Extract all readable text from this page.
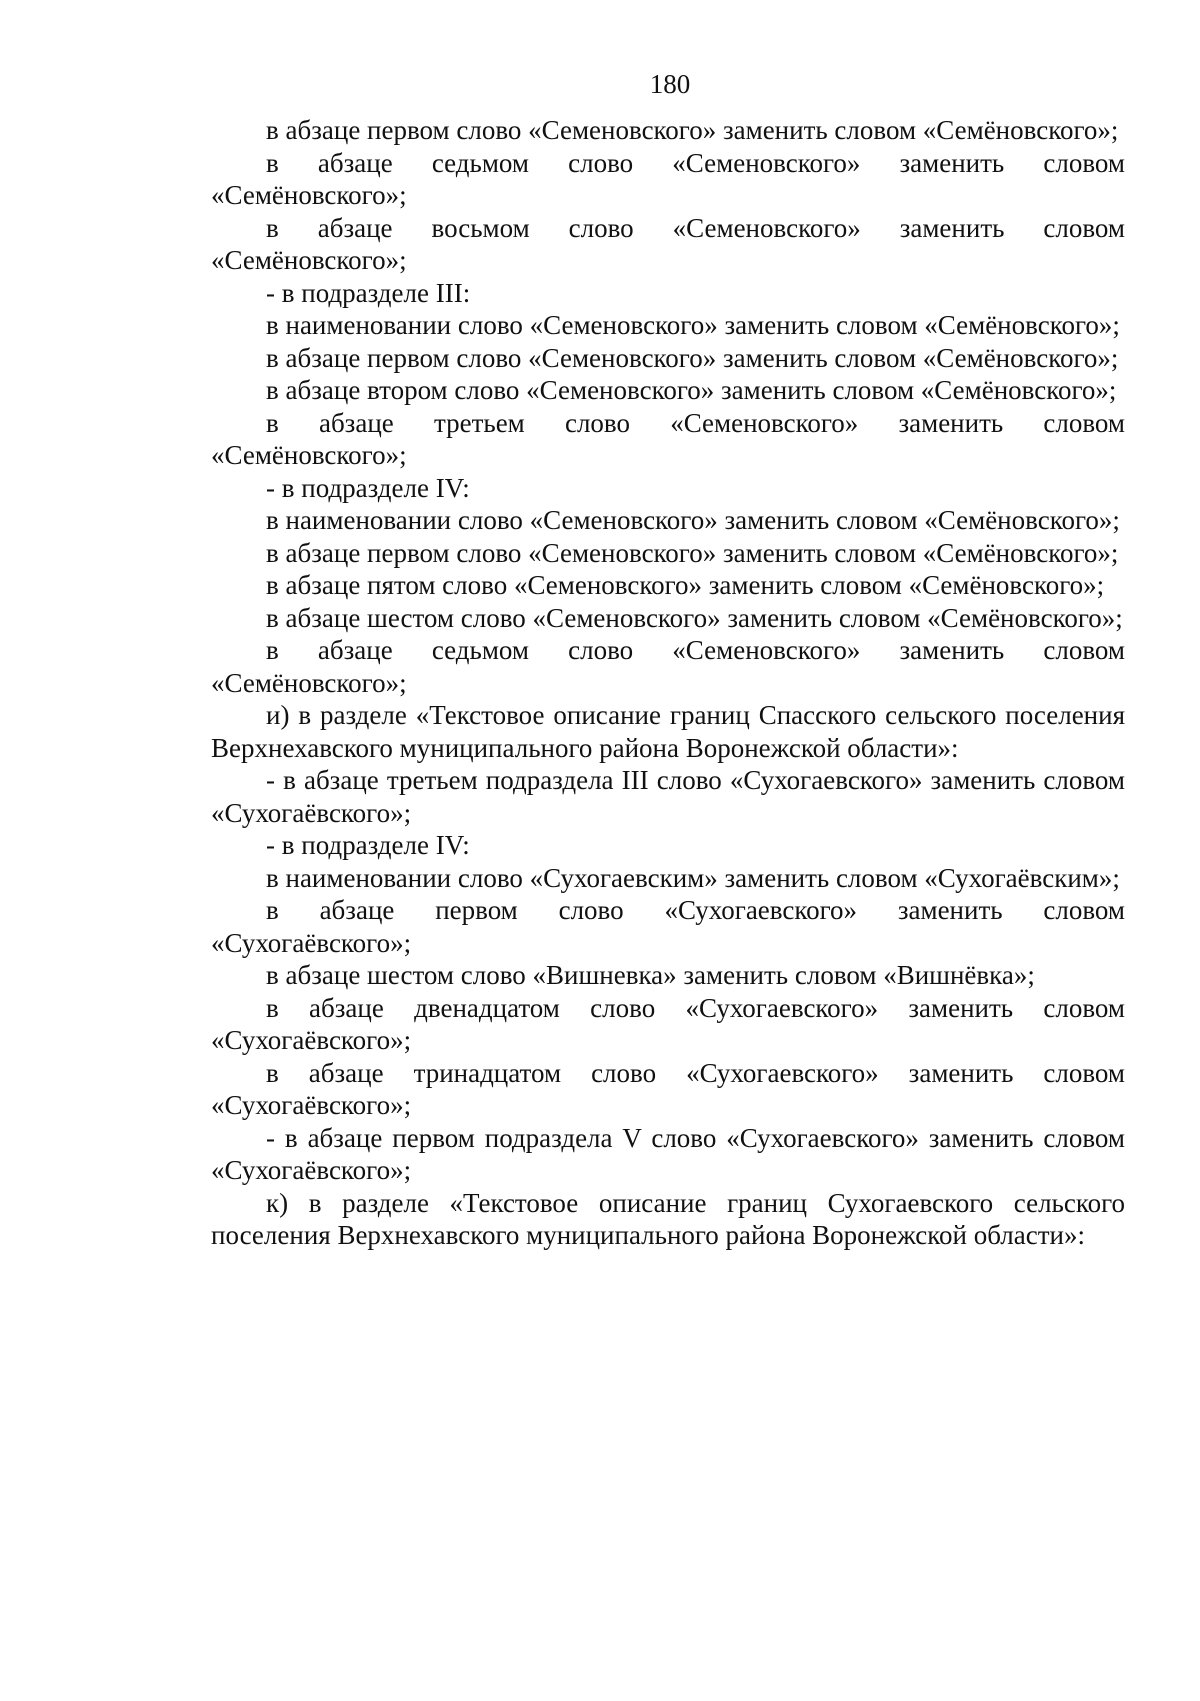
180

в абзаце первом слово «Семеновского» заменить словом «Семёновского»;

в абзаце седьмом слово «Семеновского» заменить словом «Семёновского»;

в абзаце восьмом слово «Семеновского» заменить словом «Семёновского»;

- в подразделе III:

в наименовании слово «Семеновского» заменить словом «Семёновского»;

в абзаце первом слово «Семеновского» заменить словом «Семёновского»;

в абзаце втором слово «Семеновского» заменить словом «Семёновского»;

в абзаце третьем слово «Семеновского» заменить словом «Семёновского»;

- в подразделе IV:

в наименовании слово «Семеновского» заменить словом «Семёновского»;

в абзаце первом слово «Семеновского» заменить словом «Семёновского»;

в абзаце пятом слово «Семеновского» заменить словом «Семёновского»;

в абзаце шестом слово «Семеновского» заменить словом «Семёновского»;

в абзаце седьмом слово «Семеновского» заменить словом «Семёновского»;

и) в разделе «Текстовое описание границ Спасского сельского поселения Верхнехавского муниципального района Воронежской области»:

- в абзаце третьем подраздела III слово «Сухогаевского» заменить словом «Сухогаёвского»;

- в подразделе IV:

в наименовании слово «Сухогаевским» заменить словом «Сухогаёвским»;

в абзаце первом слово «Сухогаевского» заменить словом «Сухогаёвского»;

в абзаце шестом слово «Вишневка» заменить словом «Вишнёвка»;

в абзаце двенадцатом слово «Сухогаевского» заменить словом «Сухогаёвского»;

в абзаце тринадцатом слово «Сухогаевского» заменить словом «Сухогаёвского»;

- в абзаце первом подраздела V слово «Сухогаевского» заменить словом «Сухогаёвского»;

к) в разделе «Текстовое описание границ Сухогаевского сельского поселения Верхнехавского муниципального района Воронежской области»:
